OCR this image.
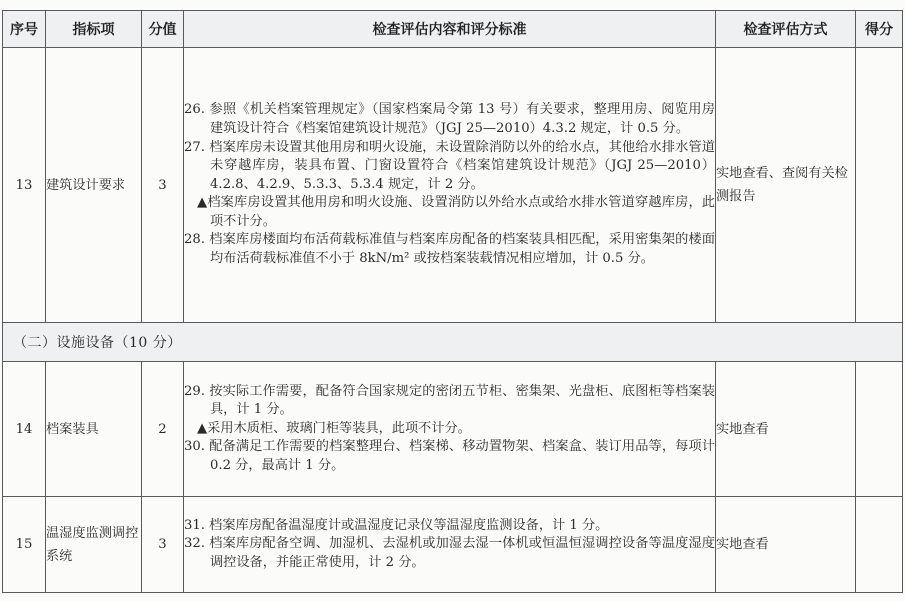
序号	指标项	分值	检查评估内容和评分标准	检查评估方式	得分
13	建筑设计要求	3	26. 参照《机关档案管理规定》（国家档案局令第 13 号）有关要求，整理用房、阅览用房建筑设计符合《档案馆建筑设计规范》（JGJ 25—2010）4.3.2 规定，计 0.5 分。
27. 档案库房未设置其他用房和明火设施，未设置除消防以外的给水点，其他给水排水管道未穿越库房，装具布置、门窗设置符合《档案馆建筑设计规范》（JGJ 25—2010）4.2.8、4.2.9、5.3.3、5.3.4 规定，计 2 分。
▲档案库房设置其他用房和明火设施、设置消防以外给水点或给水排水管道穿越库房，此项不计分。
28. 档案库房楼面均布活荷载标准值与档案库房配备的档案装具相匹配，采用密集架的楼面均布活荷载标准值不小于 8kN/m² 或按档案装载情况相应增加，计 0.5 分。	实地查看、查阅有关检测报告	
（二）设施设备（10 分）					
14	档案装具	2	29. 按实际工作需要，配备符合国家规定的密闭五节柜、密集架、光盘柜、底图柜等档案装具，计 1 分。
▲采用木质柜、玻璃门柜等装具，此项不计分。
30. 配备满足工作需要的档案整理台、档案梯、移动置物架、档案盒、装订用品等，每项计 0.2 分，最高计 1 分。	实地查看	
15	温湿度监测调控系统	3	31. 档案库房配备温湿度计或温湿度记录仪等温湿度监测设备，计 1 分。
32. 档案库房配备空调、加湿机、去湿机或加湿去湿一体机或恒温恒湿调控设备等温度湿度调控设备，并能正常使用，计 2 分。	实地查看	
